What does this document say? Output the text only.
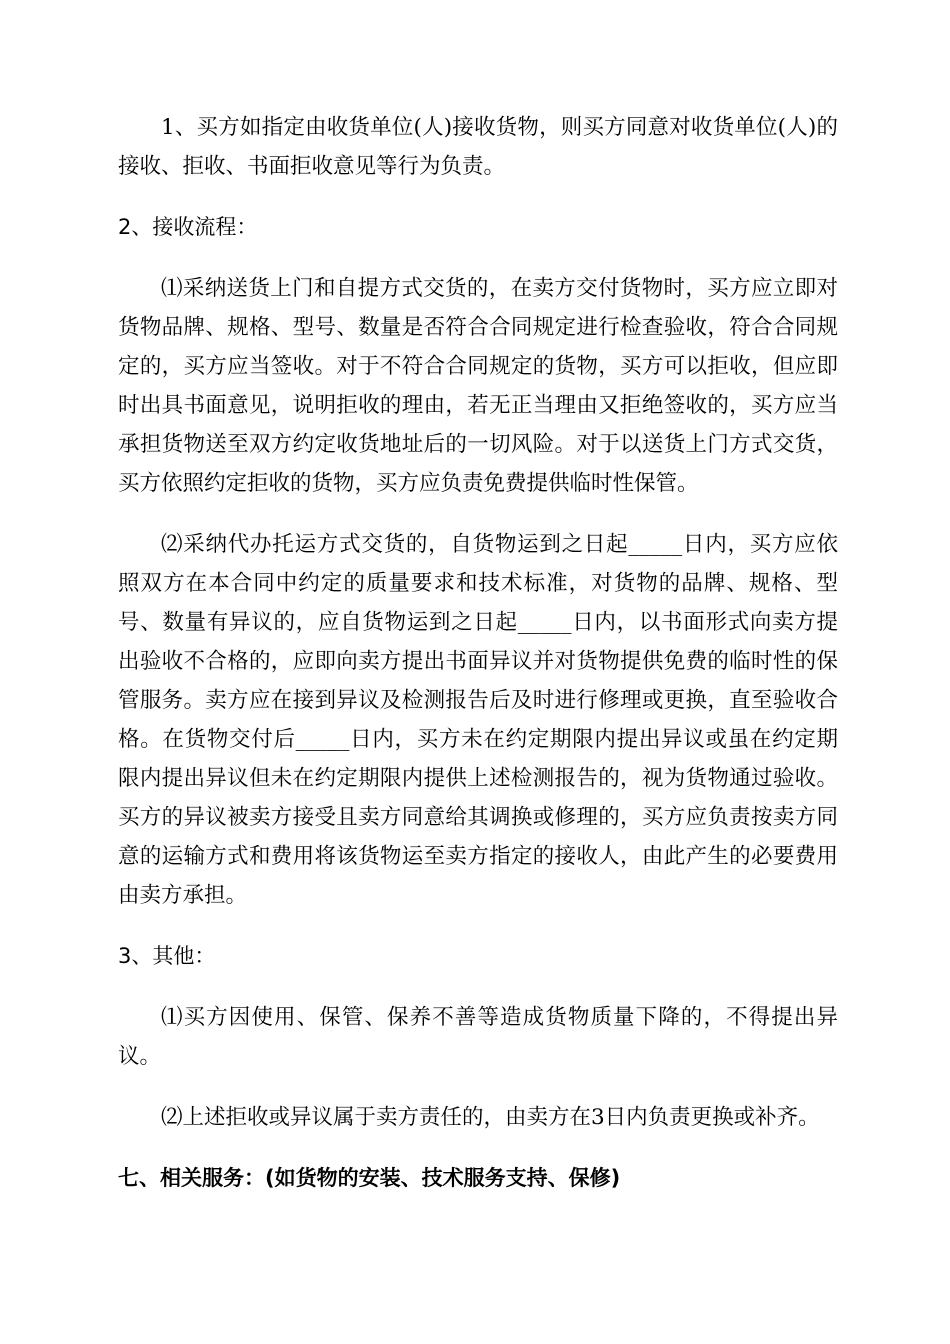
1、买方如指定由收货单位(人)接收货物，则买方同意对收货单位(人)的接收、拒收、书面拒收意见等行为负责。

2、接收流程：

⑴采纳送货上门和自提方式交货的，在卖方交付货物时，买方应立即对货物品牌、规格、型号、数量是否符合合同规定进行检查验收，符合合同规定的，买方应当签收。对于不符合合同规定的货物，买方可以拒收，但应即时出具书面意见，说明拒收的理由，若无正当理由又拒绝签收的，买方应当承担货物送至双方约定收货地址后的一切风险。对于以送货上门方式交货，买方依照约定拒收的货物，买方应负责免费提供临时性保管。

⑵采纳代办托运方式交货的，自货物运到之日起_____日内，买方应依照双方在本合同中约定的质量要求和技术标准，对货物的品牌、规格、型号、数量有异议的，应自货物运到之日起_____日内，以书面形式向卖方提出验收不合格的，应即向卖方提出书面异议并对货物提供免费的临时性的保管服务。卖方应在接到异议及检测报告后及时进行修理或更换，直至验收合格。在货物交付后_____日内，买方未在约定期限内提出异议或虽在约定期限内提出异议但未在约定期限内提供上述检测报告的，视为货物通过验收。买方的异议被卖方接受且卖方同意给其调换或修理的，买方应负责按卖方同意的运输方式和费用将该货物运至卖方指定的接收人，由此产生的必要费用由卖方承担。

3、其他：

⑴买方因使用、保管、保养不善等造成货物质量下降的，不得提出异议。

⑵上述拒收或异议属于卖方责任的，由卖方在3日内负责更换或补齐。

七、相关服务：(如货物的安装、技术服务支持、保修)
